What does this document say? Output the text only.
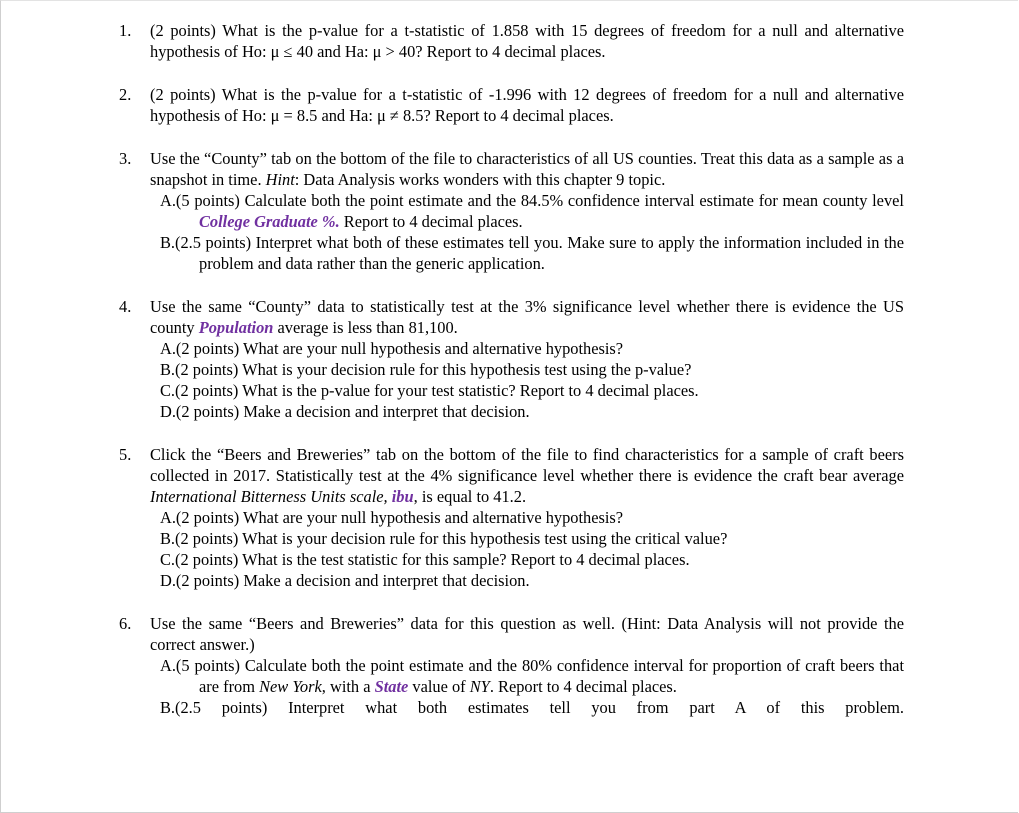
1. (2 points) What is the p-value for a t-statistic of 1.858 with 15 degrees of freedom for a null and alternative hypothesis of Ho: μ ≤ 40 and Ha: μ > 40? Report to 4 decimal places.

2. (2 points) What is the p-value for a t-statistic of -1.996 with 12 degrees of freedom for a null and alternative hypothesis of Ho: μ = 8.5 and Ha: μ ≠ 8.5? Report to 4 decimal places.

3. Use the “County” tab on the bottom of the file to characteristics of all US counties. Treat this data as a sample as a snapshot in time. Hint: Data Analysis works wonders with this chapter 9 topic.

A.(5 points) Calculate both the point estimate and the 84.5% confidence interval estimate for mean county level College Graduate %. Report to 4 decimal places.

B.(2.5 points) Interpret what both of these estimates tell you. Make sure to apply the information included in the problem and data rather than the generic application.

4. Use the same “County” data to statistically test at the 3% significance level whether there is evidence the US county Population average is less than 81,100.

A.(2 points) What are your null hypothesis and alternative hypothesis?

B.(2 points) What is your decision rule for this hypothesis test using the p-value?

C.(2 points) What is the p-value for your test statistic? Report to 4 decimal places.

D.(2 points) Make a decision and interpret that decision.

5. Click the “Beers and Breweries” tab on the bottom of the file to find characteristics for a sample of craft beers collected in 2017. Statistically test at the 4% significance level whether there is evidence the craft bear average International Bitterness Units scale, ibu, is equal to 41.2.

A.(2 points) What are your null hypothesis and alternative hypothesis?

B.(2 points) What is your decision rule for this hypothesis test using the critical value?

C.(2 points) What is the test statistic for this sample? Report to 4 decimal places.

D.(2 points) Make a decision and interpret that decision.

6. Use the same “Beers and Breweries” data for this question as well. (Hint: Data Analysis will not provide the correct answer.)

A.(5 points) Calculate both the point estimate and the 80% confidence interval for proportion of craft beers that are from New York, with a State value of NY. Report to 4 decimal places.

B.(2.5 points) Interpret what both estimates tell you from part A of this problem.
